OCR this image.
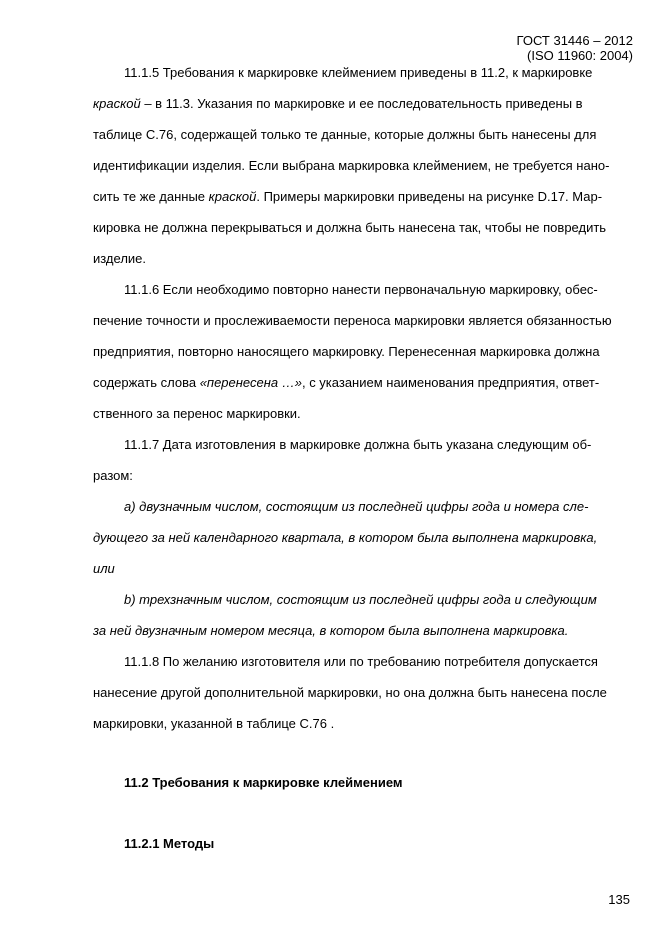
ГОСТ 31446 – 2012
(ISO 11960: 2004)
11.1.5 Требования к маркировке клеймением приведены в 11.2, к маркировке
краской – в 11.3. Указания по маркировке и ее последовательность приведены в
таблице С.76, содержащей только те данные, которые должны быть нанесены для
идентификации изделия. Если выбрана маркировка клеймением, не требуется нано-
сить те же данные краской. Примеры маркировки приведены на рисунке D.17. Мар-
кировка не должна перекрываться и должна быть нанесена так, чтобы не повредить
изделие.
11.1.6 Если необходимо повторно нанести первоначальную маркировку, обес-
печение точности и прослеживаемости переноса маркировки является обязанностью
предприятия, повторно наносящего маркировку. Перенесенная маркировка должна
содержать слова «перенесена …», с указанием наименования предприятия, ответ-
ственного за перенос маркировки.
11.1.7 Дата изготовления в маркировке должна быть указана следующим об-
разом:
a) двузначным числом, состоящим из последней цифры года и номера сле-
дующего за ней календарного квартала, в котором была выполнена маркировка,
или
b) трехзначным числом, состоящим из последней цифры года и следующим
за ней двузначным номером месяца, в котором была выполнена маркировка.
11.1.8 По желанию изготовителя или по требованию потребителя допускается
нанесение другой дополнительной маркировки, но она должна быть нанесена после
маркировки, указанной в таблице С.76 .
11.2 Требования к маркировке клеймением
11.2.1 Методы
135
